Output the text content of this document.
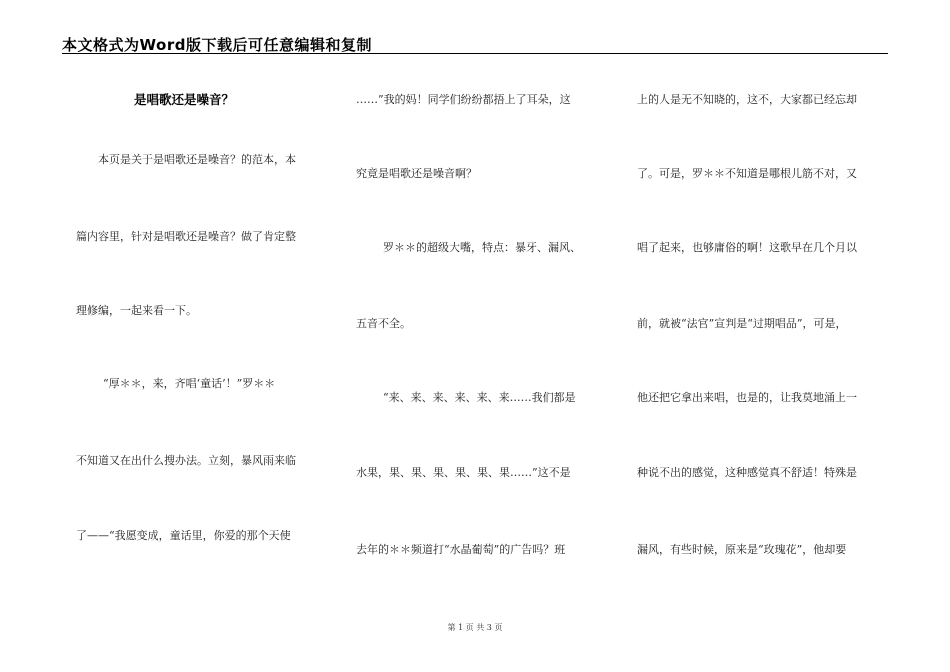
本文格式为Word版下载后可任意编辑和复制
是唱歌还是噪音？
本页是关于是唱歌还是噪音？的范本，本
篇内容里，针对是唱歌还是噪音？做了肯定整
理修编，一起来看一下。
“厚＊＊，来，齐唱‘童话’！”罗＊＊
不知道又在出什么搜办法。立刻，暴风雨来临
了——“我愿变成，童话里，你爱的那个天使
……”我的妈！同学们纷纷都捂上了耳朵，这
究竟是唱歌还是噪音啊？
罗＊＊的超级大嘴，特点：暴牙、漏风、
五音不全。
“来、来、来、来、来、来……我们都是
水果，果、果、果、果、果、果……”这不是
去年的＊＊频道打“水晶葡萄”的广告吗？班
上的人是无不知晓的，这不，大家都已经忘却
了。可是，罗＊＊不知道是哪根儿筋不对，又
唱了起来，也够庸俗的啊！这歌早在几个月以
前，就被“法官”宣判是“过期唱品”，可是，
他还把它拿出来唱，也是的，让我莫地涌上一
种说不出的感觉，这种感觉真不舒适！特殊是
漏风，有些时候，原来是“玫瑰花”，他却要
第 1 页 共 3 页
